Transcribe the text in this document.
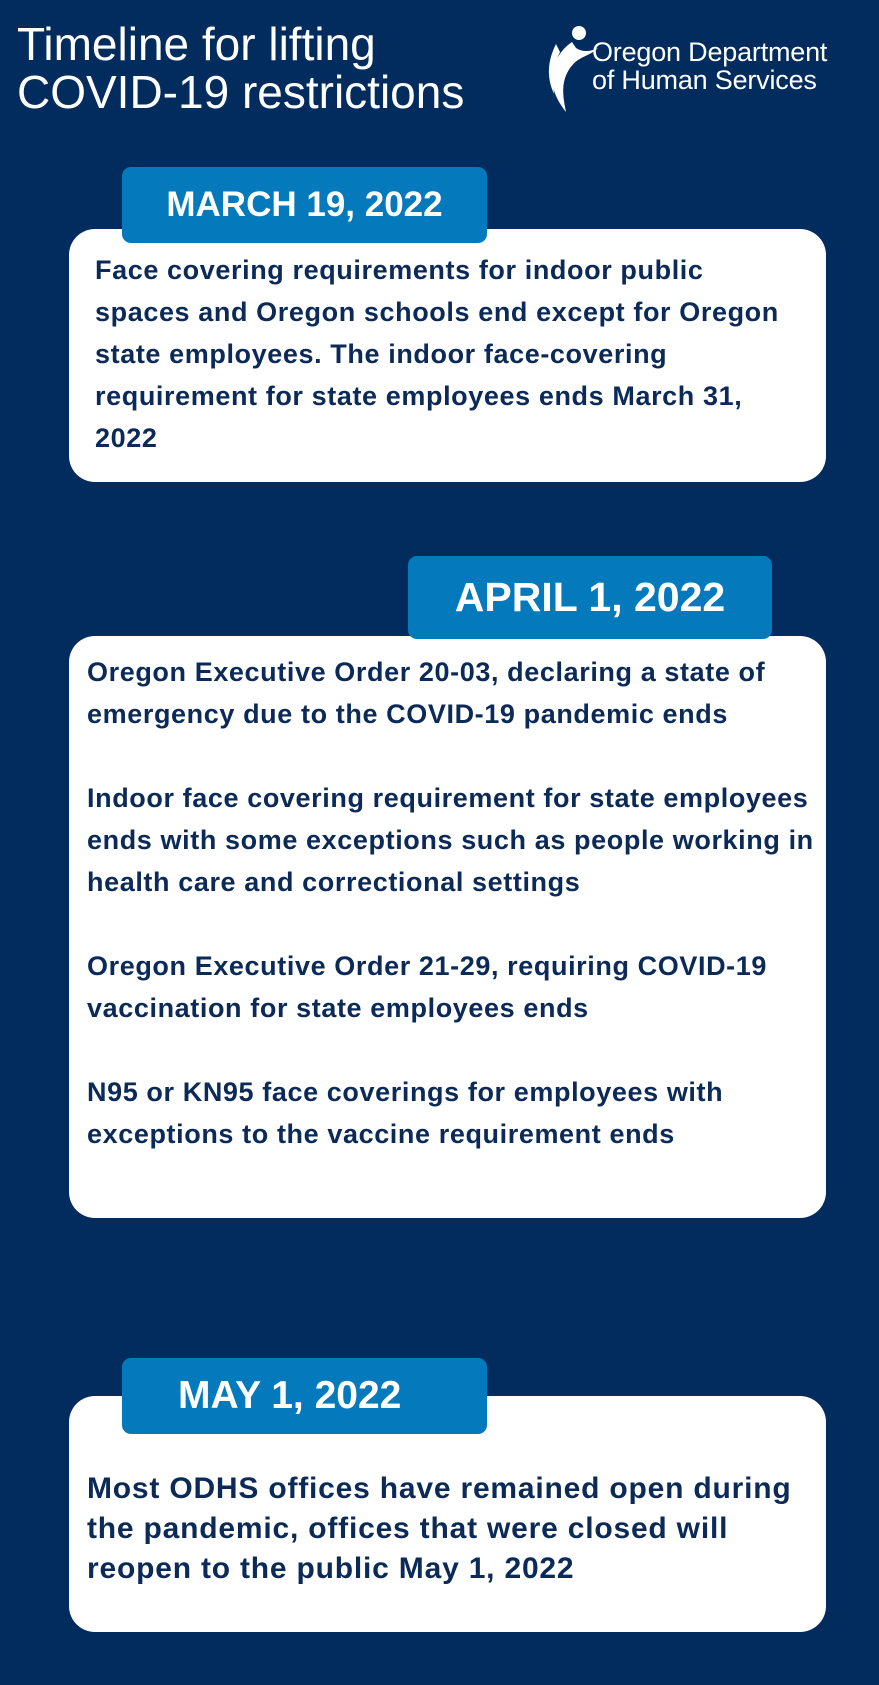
Timeline for lifting
COVID-19 restrictions
Oregon Department
of Human Services

Face covering requirements for indoor public spaces and Oregon schools end except for Oregon state employees. The indoor face-covering requirement for state employees ends March 31, 2022

MARCH 19, 2022

Oregon Executive Order 20-03, declaring a state of emergency due to the COVID-19 pandemic ends

Indoor face covering requirement for state employees ends with some exceptions such as people working in health care and correctional settings

Oregon Executive Order 21-29, requiring COVID-19 vaccination for state employees ends

N95 or KN95 face coverings for employees with exceptions to the vaccine requirement ends

APRIL 1, 2022

Most ODHS offices have remained open during the pandemic, offices that were closed will reopen to the public May 1, 2022

MAY 1, 2022
